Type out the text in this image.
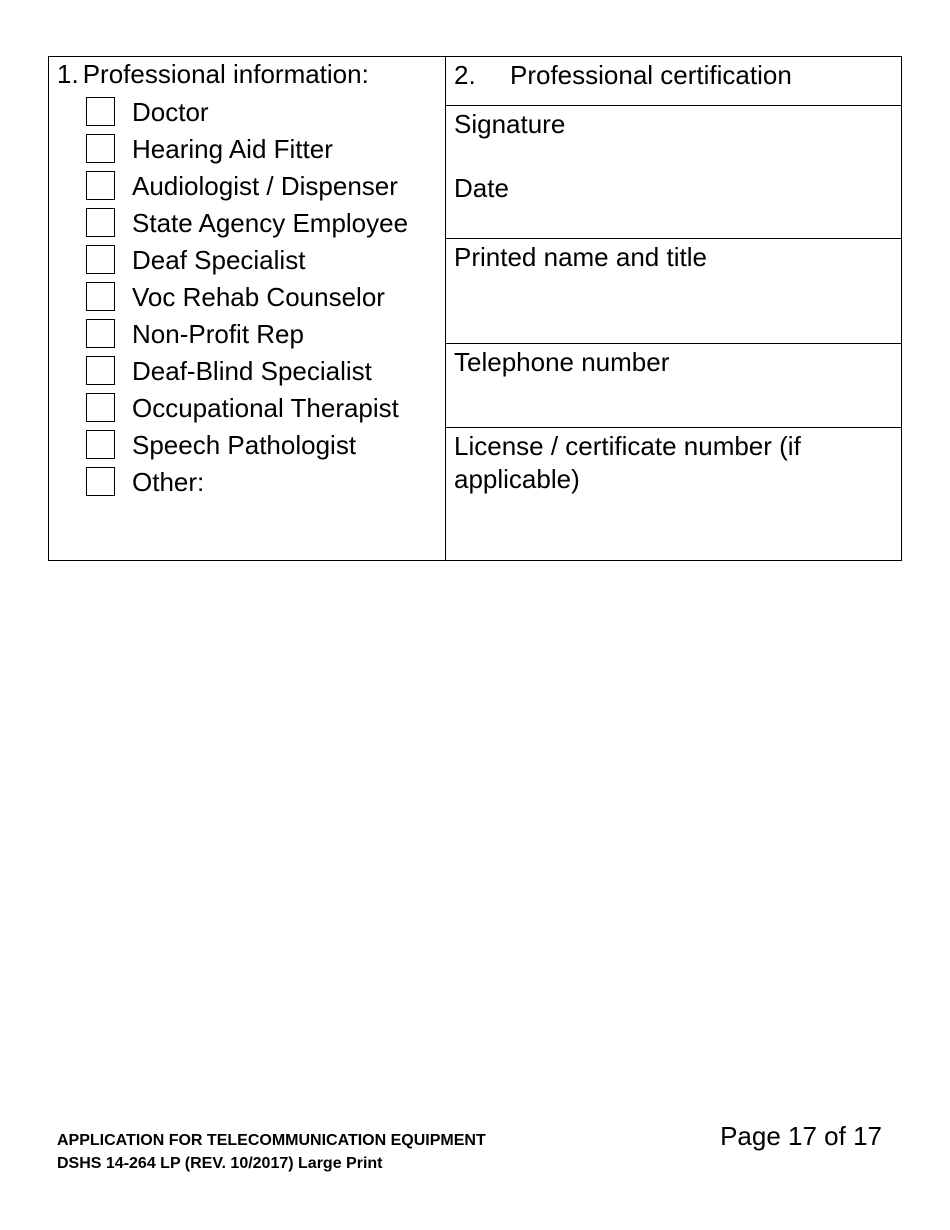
1. Professional information:
Doctor
Hearing Aid Fitter
Audiologist / Dispenser
State Agency Employee
Deaf Specialist
Voc Rehab Counselor
Non-Profit Rep
Deaf-Blind Specialist
Occupational Therapist
Speech Pathologist
Other:
2. Professional certification
Signature
Date
Printed name and title
Telephone number
License / certificate number (if applicable)
APPLICATION FOR TELECOMMUNICATION EQUIPMENT
DSHS 14-264 LP (REV. 10/2017) Large Print
Page 17 of 17
